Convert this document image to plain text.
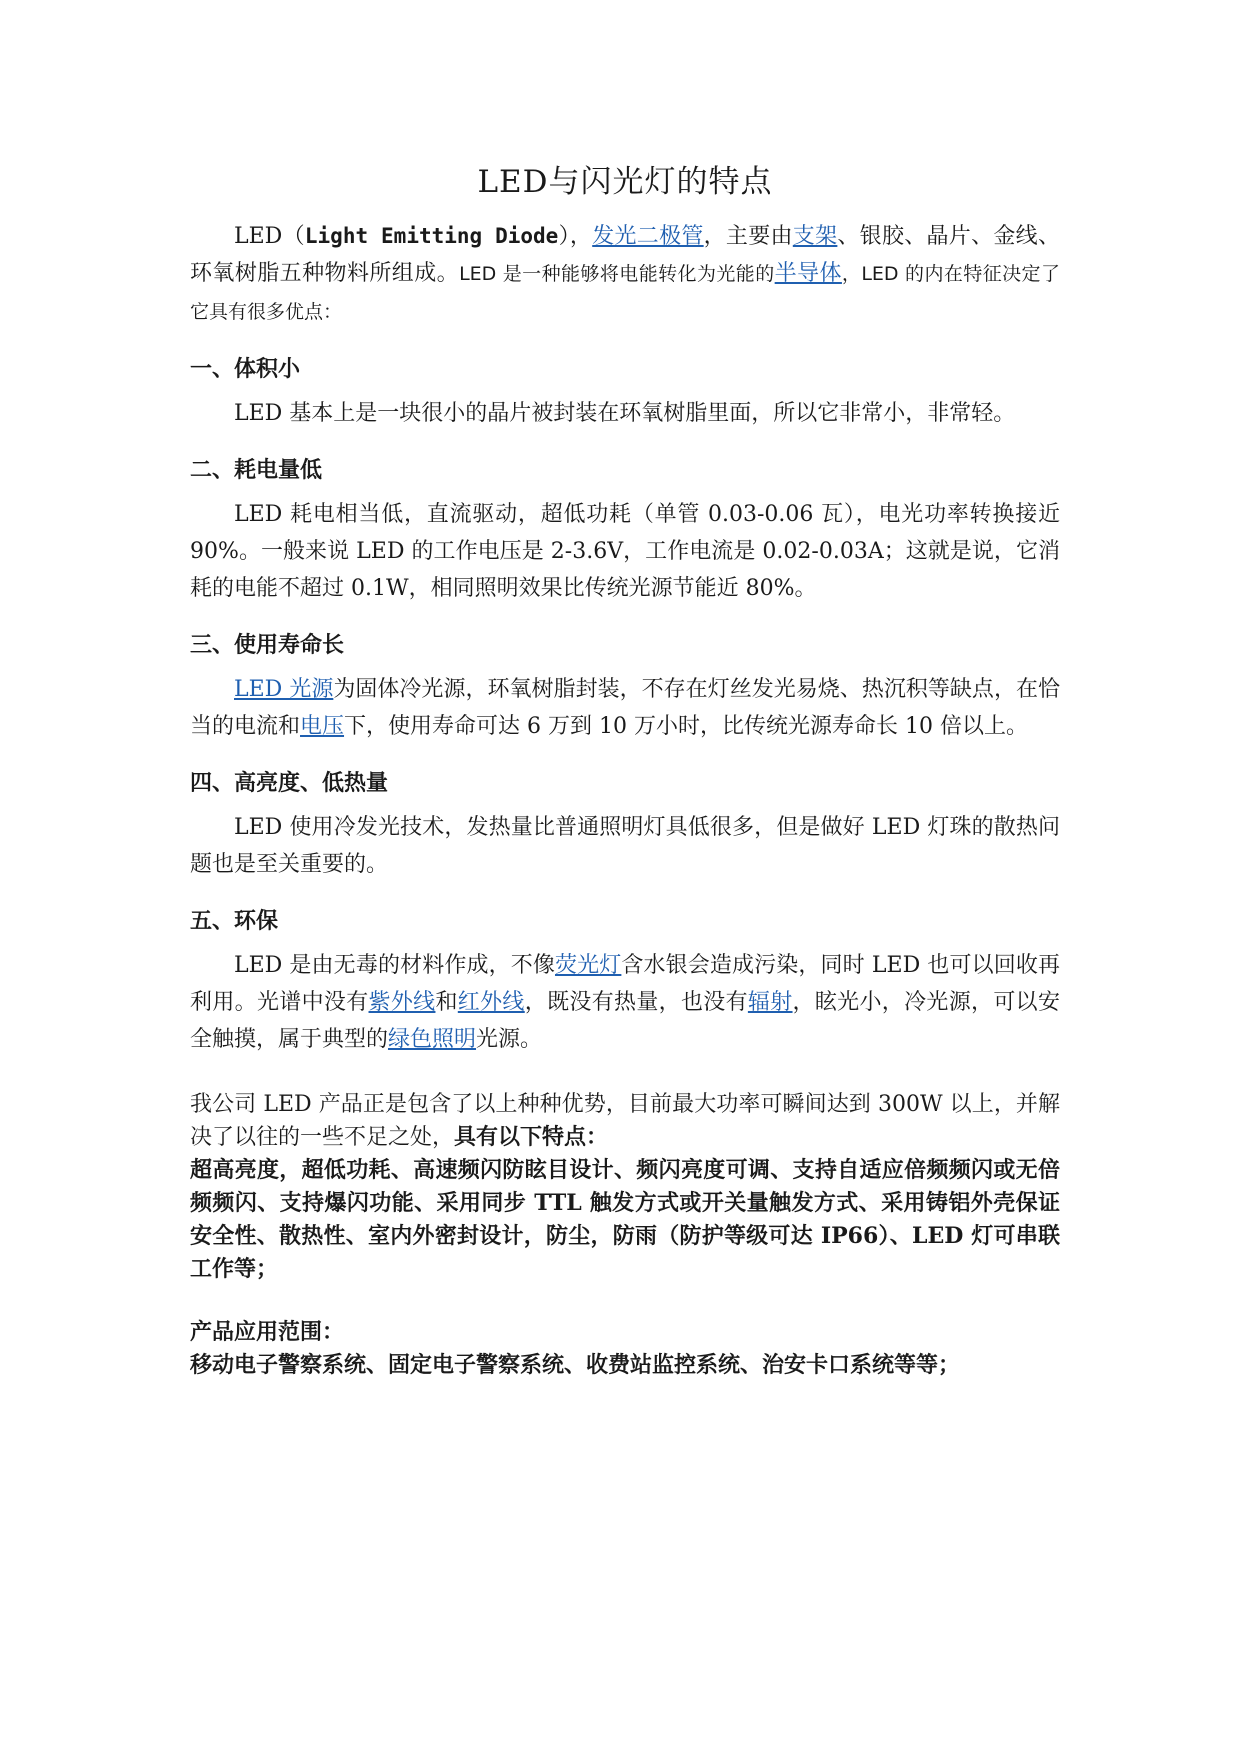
LED与闪光灯的特点

LED（Light Emitting Diode），发光二极管，主要由支架、银胶、晶片、金线、环氧树脂五种物料所组成。LED 是一种能够将电能转化为光能的半导体，LED 的内在特征决定了它具有很多优点：

一、体积小

LED 基本上是一块很小的晶片被封装在环氧树脂里面，所以它非常小，非常轻。

二、耗电量低

LED 耗电相当低，直流驱动，超低功耗（单管 0.03-0.06 瓦），电光功率转换接近 90%。一般来说 LED 的工作电压是 2-3.6V，工作电流是 0.02-0.03A；这就是说，它消耗的电能不超过 0.1W，相同照明效果比传统光源节能近 80%。

三、使用寿命长

LED 光源为固体冷光源，环氧树脂封装，不存在灯丝发光易烧、热沉积等缺点，在恰当的电流和电压下，使用寿命可达 6 万到 10 万小时，比传统光源寿命长 10 倍以上。

四、高亮度、低热量

LED 使用冷发光技术，发热量比普通照明灯具低很多，但是做好 LED 灯珠的散热问题也是至关重要的。

五、环保

LED 是由无毒的材料作成，不像荧光灯含水银会造成污染，同时 LED 也可以回收再利用。光谱中没有紫外线和红外线，既没有热量，也没有辐射，眩光小，冷光源，可以安全触摸，属于典型的绿色照明光源。

我公司 LED 产品正是包含了以上种种优势，目前最大功率可瞬间达到 300W 以上，并解决了以往的一些不足之处，具有以下特点：

超高亮度，超低功耗、高速频闪防眩目设计、频闪亮度可调、支持自适应倍频频闪或无倍频频闪、支持爆闪功能、采用同步 TTL 触发方式或开关量触发方式、采用铸铝外壳保证安全性、散热性、室内外密封设计，防尘，防雨（防护等级可达 IP66）、LED 灯可串联工作等；

产品应用范围：

移动电子警察系统、固定电子警察系统、收费站监控系统、治安卡口系统等等；
